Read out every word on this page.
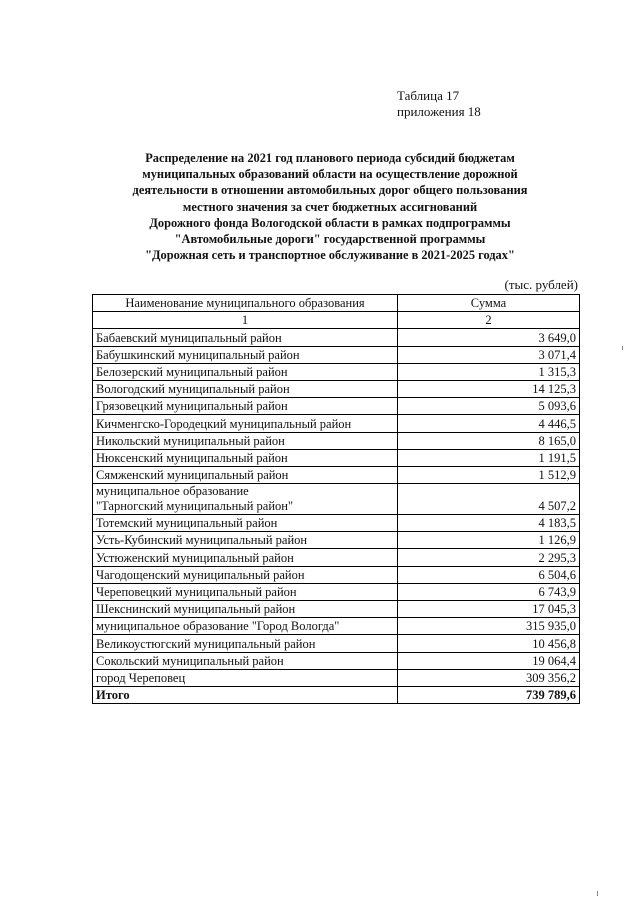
Таблица 17
приложения 18
Распределение на 2021 год планового периода субсидий бюджетам
муниципальных образований области на осуществление дорожной
деятельности в отношении автомобильных дорог общего пользования
местного значения за счет бюджетных ассигнований
Дорожного фонда Вологодской области в рамках подпрограммы
"Автомобильные дороги" государственной программы
"Дорожная сеть и транспортное обслуживание в 2021-2025 годах"
(тыс. рублей)
Наименование муниципального образования	Сумма
1	2
Бабаевский муниципальный район	3 649,0
Бабушкинский муниципальный район	3 071,4
Белозерский муниципальный район	1 315,3
Вологодский муниципальный район	14 125,3
Грязовецкий муниципальный район	5 093,6
Кичменгско-Городецкий муниципальный район	4 446,5
Никольский муниципальный район	8 165,0
Нюксенский муниципальный район	1 191,5
Сямженский муниципальный район	1 512,9
муниципальное образование
"Тарногский муниципальный район"	4 507,2
Тотемский муниципальный район	4 183,5
Усть-Кубинский муниципальный район	1 126,9
Устюженский муниципальный район	2 295,3
Чагодощенский муниципальный район	6 504,6
Череповецкий муниципальный район	6 743,9
Шекснинский муниципальный район	17 045,3
муниципальное образование "Город Вологда"	315 935,0
Великоустюгский муниципальный район	10 456,8
Сокольский муниципальный район	19 064,4
город Череповец	309 356,2
Итого	739 789,6
